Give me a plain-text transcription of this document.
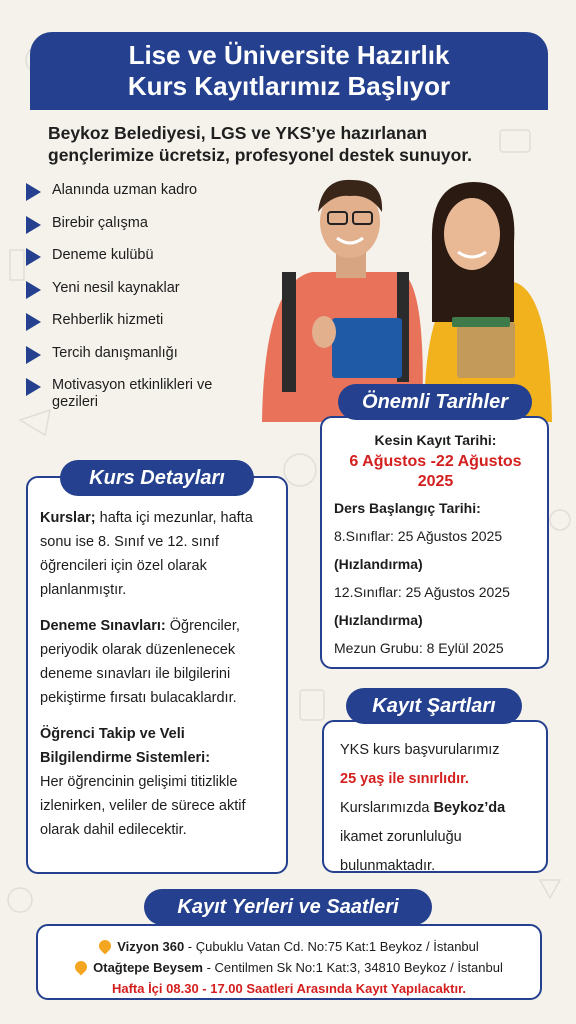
Lise ve Üniversite Hazırlık
Kurs Kayıtlarımız Başlıyor
Beykoz Belediyesi, LGS ve YKS’ye hazırlanan
gençlerimize ücretsiz, profesyonel destek sunuyor.
Alanında uzman kadro
Birebir çalışma
Deneme kulübü
Yeni nesil kaynaklar
Rehberlik hizmeti
Tercih danışmanlığı
Motivasyon etkinlikleri ve gezileri	Önemli Tarihler

Kesin Kayıt Tarihi:

6 Ağustos -22 Ağustos 2025

Ders Başlangıç Tarihi:

8.Sınıflar: 25 Ağustos 2025

(Hızlandırma)

12.Sınıflar: 25 Ağustos 2025

(Hızlandırma)

Mezun Grubu: 8 Eylül 2025

Kurs Detayları

Kurslar; hafta içi mezunlar, hafta sonu ise 8. Sınıf ve 12. sınıf öğrencileri için özel olarak planlanmıştır.

Deneme Sınavları: Öğrenciler, periyodik olarak düzenlenecek deneme sınavları ile bilgilerini pekiştirme fırsatı bulacaklardır.

Öğrenci Takip ve Veli Bilgilendirme Sistemleri:
Her öğrencinin gelişimi titizlikle izlenirken, veliler de sürece aktif olarak dahil edilecektir.

Kayıt Şartları

YKS kurs başvurularımız

25 yaş ile sınırlıdır.

Kurslarımızda Beykoz’da

ikamet zorunluluğu

bulunmaktadır.

Kayıt Yerleri ve Saatleri
Vizyon 360 - Çubuklu Vatan Cd. No:75 Kat:1 Beykoz / İstanbul
Otağtepe Beysem - Centilmen Sk No:1 Kat:3, 34810 Beykoz / İstanbul
Hafta İçi 08.30 - 17.00 Saatleri Arasında Kayıt Yapılacaktır.
